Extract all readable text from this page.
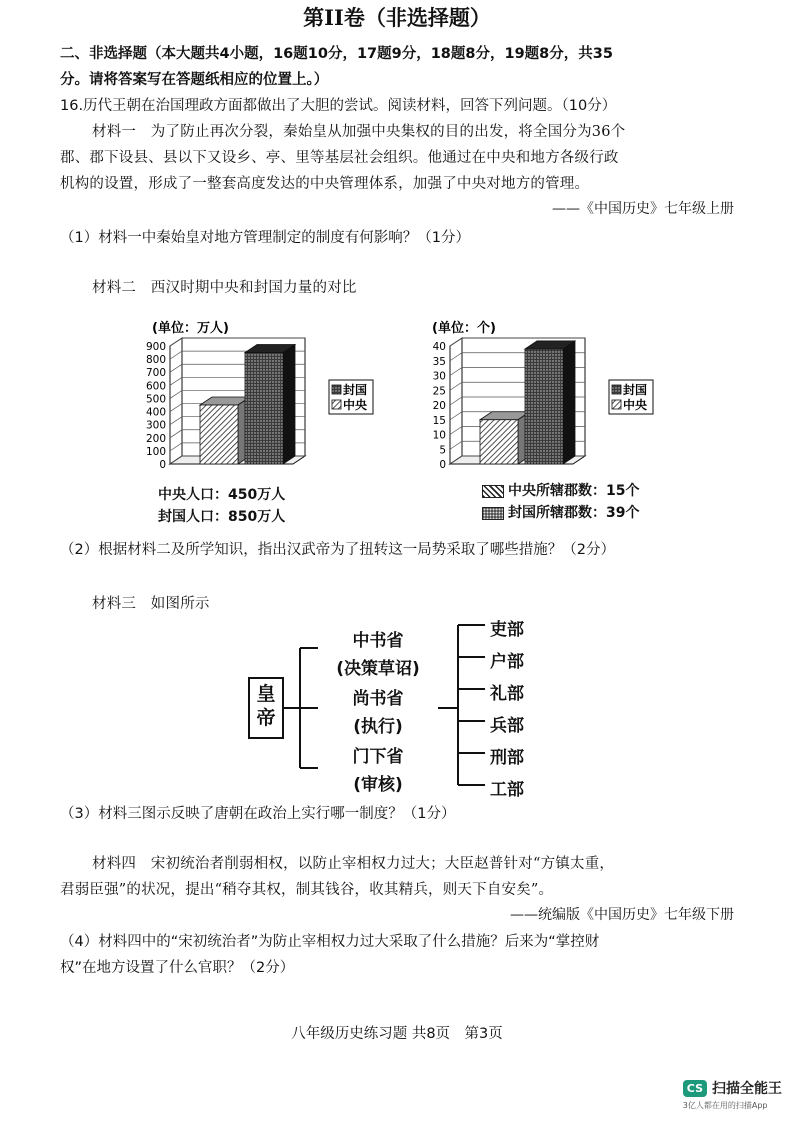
第II卷（非选择题）
二、非选择题（本大题共4小题，16题10分，17题9分，18题8分，19题8分，共35
分。请将答案写在答题纸相应的位置上。）
16.历代王朝在治国理政方面都做出了大胆的尝试。阅读材料，回答下列问题。（10分）
材料一　为了防止再次分裂，秦始皇从加强中央集权的目的出发，将全国分为36个
郡、郡下设县、县以下又设乡、亭、里等基层社会组织。他通过在中央和地方各级行政
机构的设置，形成了一整套高度发达的中央管理体系，加强了中央对地方的管理。
——《中国历史》七年级上册
（1）材料一中秦始皇对地方管理制定的制度有何影响？（1分）
材料二　西汉时期中央和封国力量的对比
(单位：万人)
0
100
200
300
400
500
600
700
800
900
封国
中央
中央人口：450万人
封国人口：850万人
(单位：个)
0
5
10
15
20
25
30
35
40
封国
中央
中央所辖郡数：15个
封国所辖郡数：39个
（2）根据材料二及所学知识，指出汉武帝为了扭转这一局势采取了哪些措施？（2分）
材料三　如图所示
皇
帝
中书省
(决策草诏)
尚书省
(执行)
门下省
(审核)
吏部
户部
礼部
兵部
刑部
工部
（3）材料三图示反映了唐朝在政治上实行哪一制度？（1分）
材料四　宋初统治者削弱相权，以防止宰相权力过大；大臣赵普针对“方镇太重，
君弱臣强”的状况，提出“稍夺其权，制其钱谷，收其精兵，则天下自安矣”。
——统编版《中国历史》七年级下册
（4）材料四中的“宋初统治者”为防止宰相权力过大采取了什么措施？后来为“掌控财
权”在地方设置了什么官职？（2分）
八年级历史练习题 共8页　第3页
CS 扫描全能王
3亿人都在用的扫描App
